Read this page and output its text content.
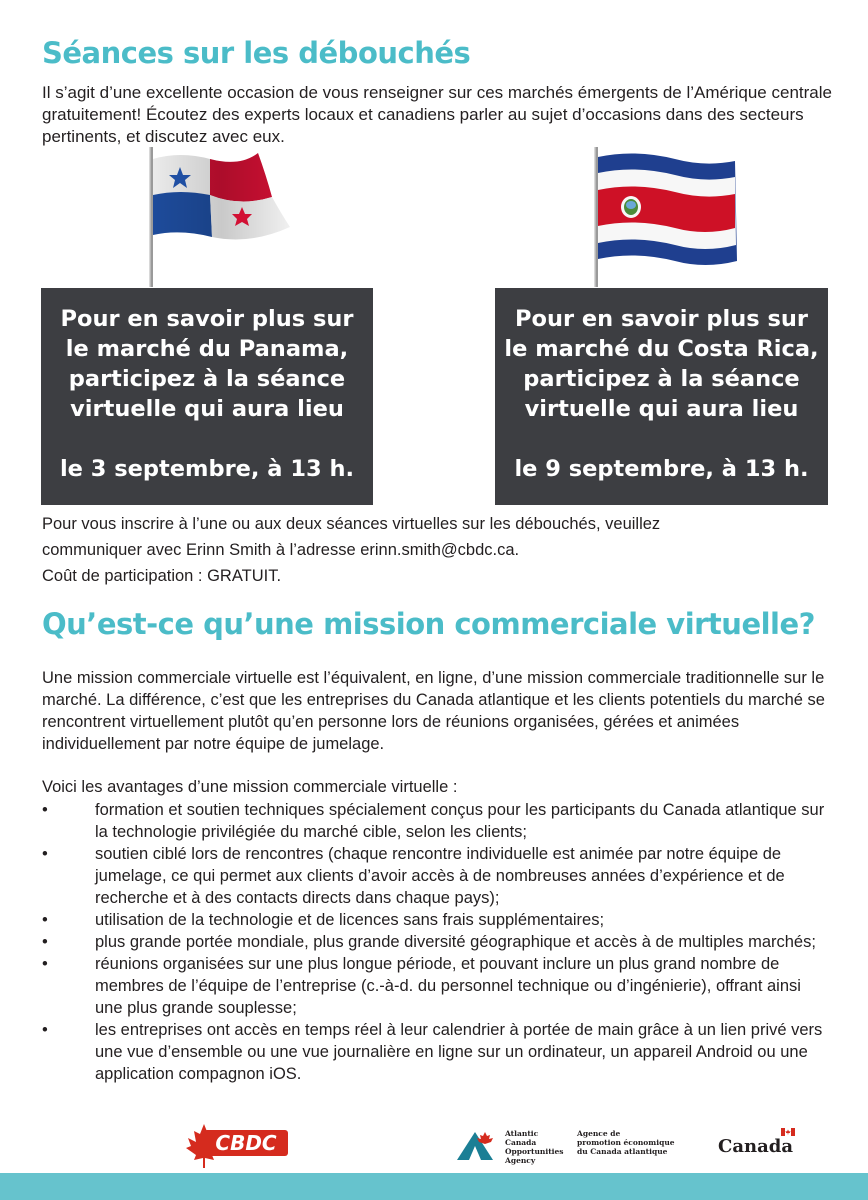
Séances sur les débouchés

Il s’agit d’une excellente occasion de vous renseigner sur ces marchés émergents de l’Amérique centrale gratuitement! Écoutez des experts locaux et canadiens parler au sujet d’occasions dans des secteurs pertinents, et discutez avec eux.

Pour en savoir plus sur
le marché du Panama,
participez à la séance
virtuelle qui aura lieu
le 3 septembre, à 13 h.
Pour en savoir plus sur
le marché du Costa Rica,
participez à la séance
virtuelle qui aura lieu
le 9 septembre, à 13 h.
Pour vous inscrire à l’une ou aux deux séances virtuelles sur les débouchés, veuillez
communiquer avec Erinn Smith à l’adresse erinn.smith@cbdc.ca.
Coût de participation : GRATUIT.
Qu’est-ce qu’une mission commerciale virtuelle?

Une mission commerciale virtuelle est l’équivalent, en ligne, d’une mission commerciale traditionnelle sur le marché. La différence, c’est que les entreprises du Canada atlantique et les clients potentiels du marché se rencontrent virtuellement plutôt qu’en personne lors de réunions organisées, gérées et animées individuellement par notre équipe de jumelage.

Voici les avantages d’une mission commerciale virtuelle :

•	formation et soutien techniques spécialement conçus pour les participants du Canada atlantique sur la technologie privilégiée du marché cible, selon les clients;
•	soutien ciblé lors de rencontres (chaque rencontre individuelle est animée par notre équipe de jumelage, ce qui permet aux clients d’avoir accès à de nombreuses années d’expérience et de recherche et à des contacts directs dans chaque pays);
•	utilisation de la technologie et de licences sans frais supplémentaires;
•	plus grande portée mondiale, plus grande diversité géographique et accès à de multiples marchés;
•	réunions organisées sur une plus longue période, et pouvant inclure un plus grand nombre de membres de l’équipe de l’entreprise (c.-à-d. du personnel technique ou d’ingénierie), offrant ainsi une plus grande souplesse;
•	les entreprises ont accès en temps réel à leur calendrier à portée de main grâce à un lien privé vers une vue d’ensemble ou une vue journalière en ligne sur un ordinateur, un appareil Android ou une application compagnon iOS.
CBDC	Atlantic Canada
Opportunities
Agency
Agence de
promotion économique
du Canada atlantique	Canada
